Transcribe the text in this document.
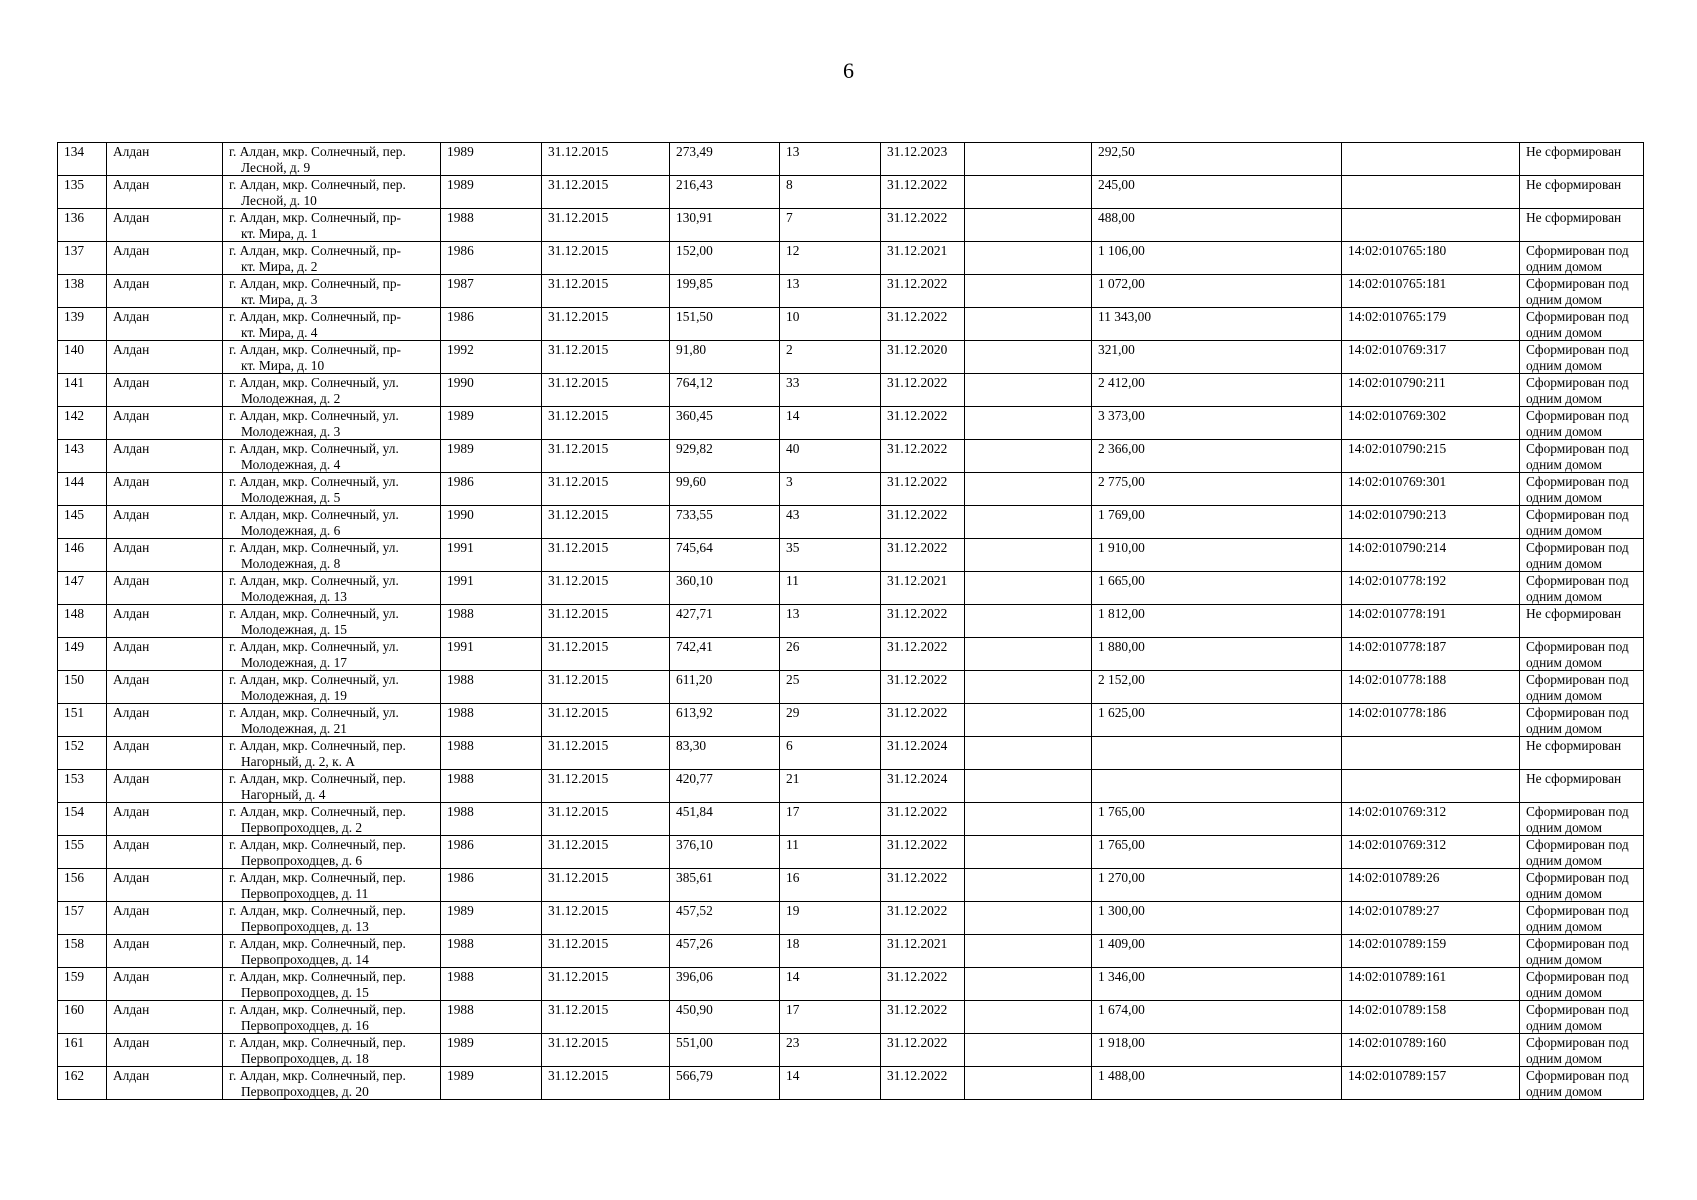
6
134	Алдан	г. Алдан, мкр. Солнечный, пер.
Лесной, д. 9	1989	31.12.2015	273,49	13	31.12.2023		292,50		Не сформирован
135	Алдан	г. Алдан, мкр. Солнечный, пер.
Лесной, д. 10	1989	31.12.2015	216,43	8	31.12.2022		245,00		Не сформирован
136	Алдан	г. Алдан, мкр. Солнечный, пр-
кт. Мира, д. 1	1988	31.12.2015	130,91	7	31.12.2022		488,00		Не сформирован
137	Алдан	г. Алдан, мкр. Солнечный, пр-
кт. Мира, д. 2	1986	31.12.2015	152,00	12	31.12.2021		1 106,00	14:02:010765:180	Сформирован под одним домом
138	Алдан	г. Алдан, мкр. Солнечный, пр-
кт. Мира, д. 3	1987	31.12.2015	199,85	13	31.12.2022		1 072,00	14:02:010765:181	Сформирован под одним домом
139	Алдан	г. Алдан, мкр. Солнечный, пр-
кт. Мира, д. 4	1986	31.12.2015	151,50	10	31.12.2022		11 343,00	14:02:010765:179	Сформирован под одним домом
140	Алдан	г. Алдан, мкр. Солнечный, пр-
кт. Мира, д. 10	1992	31.12.2015	91,80	2	31.12.2020		321,00	14:02:010769:317	Сформирован под одним домом
141	Алдан	г. Алдан, мкр. Солнечный, ул.
Молодежная, д. 2	1990	31.12.2015	764,12	33	31.12.2022		2 412,00	14:02:010790:211	Сформирован под одним домом
142	Алдан	г. Алдан, мкр. Солнечный, ул.
Молодежная, д. 3	1989	31.12.2015	360,45	14	31.12.2022		3 373,00	14:02:010769:302	Сформирован под одним домом
143	Алдан	г. Алдан, мкр. Солнечный, ул.
Молодежная, д. 4	1989	31.12.2015	929,82	40	31.12.2022		2 366,00	14:02:010790:215	Сформирован под одним домом
144	Алдан	г. Алдан, мкр. Солнечный, ул.
Молодежная, д. 5	1986	31.12.2015	99,60	3	31.12.2022		2 775,00	14:02:010769:301	Сформирован под одним домом
145	Алдан	г. Алдан, мкр. Солнечный, ул.
Молодежная, д. 6	1990	31.12.2015	733,55	43	31.12.2022		1 769,00	14:02:010790:213	Сформирован под одним домом
146	Алдан	г. Алдан, мкр. Солнечный, ул.
Молодежная, д. 8	1991	31.12.2015	745,64	35	31.12.2022		1 910,00	14:02:010790:214	Сформирован под одним домом
147	Алдан	г. Алдан, мкр. Солнечный, ул.
Молодежная, д. 13	1991	31.12.2015	360,10	11	31.12.2021		1 665,00	14:02:010778:192	Сформирован под одним домом
148	Алдан	г. Алдан, мкр. Солнечный, ул.
Молодежная, д. 15	1988	31.12.2015	427,71	13	31.12.2022		1 812,00	14:02:010778:191	Не сформирован
149	Алдан	г. Алдан, мкр. Солнечный, ул.
Молодежная, д. 17	1991	31.12.2015	742,41	26	31.12.2022		1 880,00	14:02:010778:187	Сформирован под одним домом
150	Алдан	г. Алдан, мкр. Солнечный, ул.
Молодежная, д. 19	1988	31.12.2015	611,20	25	31.12.2022		2 152,00	14:02:010778:188	Сформирован под одним домом
151	Алдан	г. Алдан, мкр. Солнечный, ул.
Молодежная, д. 21	1988	31.12.2015	613,92	29	31.12.2022		1 625,00	14:02:010778:186	Сформирован под одним домом
152	Алдан	г. Алдан, мкр. Солнечный, пер.
Нагорный, д. 2, к. А	1988	31.12.2015	83,30	6	31.12.2024				Не сформирован
153	Алдан	г. Алдан, мкр. Солнечный, пер.
Нагорный, д. 4	1988	31.12.2015	420,77	21	31.12.2024				Не сформирован
154	Алдан	г. Алдан, мкр. Солнечный, пер.
Первопроходцев, д. 2	1988	31.12.2015	451,84	17	31.12.2022		1 765,00	14:02:010769:312	Сформирован под одним домом
155	Алдан	г. Алдан, мкр. Солнечный, пер.
Первопроходцев, д. 6	1986	31.12.2015	376,10	11	31.12.2022		1 765,00	14:02:010769:312	Сформирован под одним домом
156	Алдан	г. Алдан, мкр. Солнечный, пер.
Первопроходцев, д. 11	1986	31.12.2015	385,61	16	31.12.2022		1 270,00	14:02:010789:26	Сформирован под одним домом
157	Алдан	г. Алдан, мкр. Солнечный, пер.
Первопроходцев, д. 13	1989	31.12.2015	457,52	19	31.12.2022		1 300,00	14:02:010789:27	Сформирован под одним домом
158	Алдан	г. Алдан, мкр. Солнечный, пер.
Первопроходцев, д. 14	1988	31.12.2015	457,26	18	31.12.2021		1 409,00	14:02:010789:159	Сформирован под одним домом
159	Алдан	г. Алдан, мкр. Солнечный, пер.
Первопроходцев, д. 15	1988	31.12.2015	396,06	14	31.12.2022		1 346,00	14:02:010789:161	Сформирован под одним домом
160	Алдан	г. Алдан, мкр. Солнечный, пер.
Первопроходцев, д. 16	1988	31.12.2015	450,90	17	31.12.2022		1 674,00	14:02:010789:158	Сформирован под одним домом
161	Алдан	г. Алдан, мкр. Солнечный, пер.
Первопроходцев, д. 18	1989	31.12.2015	551,00	23	31.12.2022		1 918,00	14:02:010789:160	Сформирован под одним домом
162	Алдан	г. Алдан, мкр. Солнечный, пер.
Первопроходцев, д. 20	1989	31.12.2015	566,79	14	31.12.2022		1 488,00	14:02:010789:157	Сформирован под одним домом
